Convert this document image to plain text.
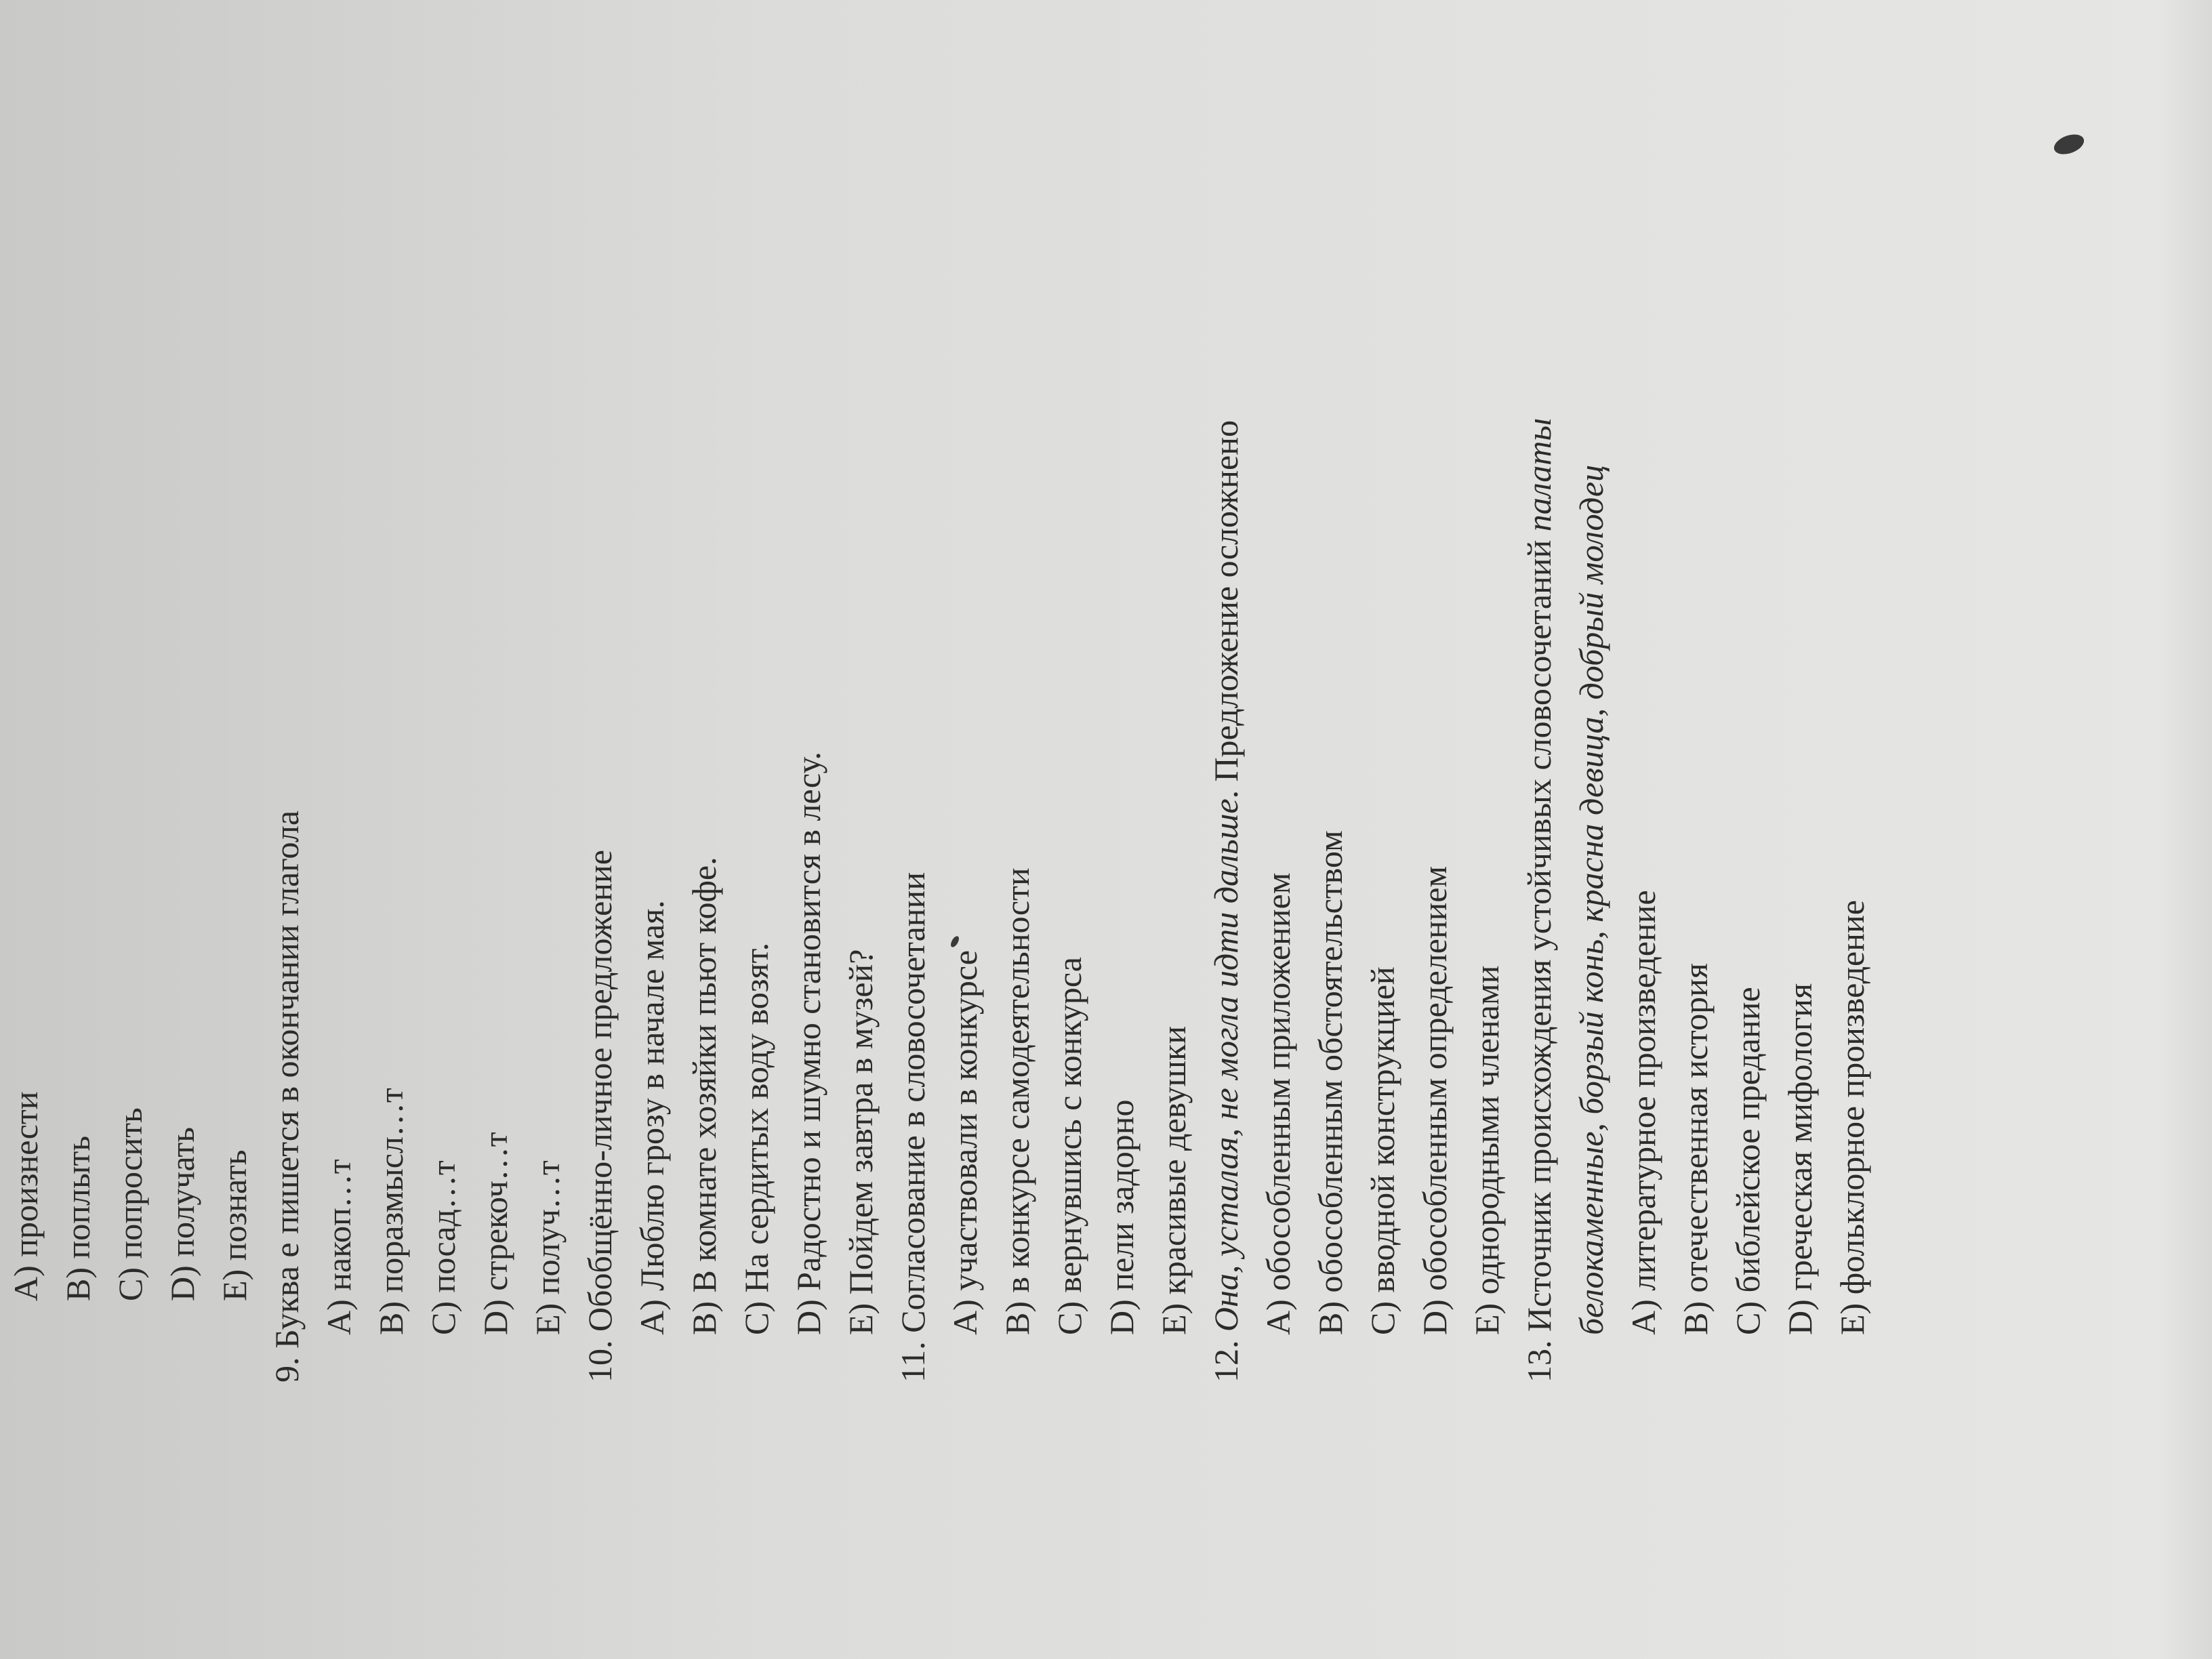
A) произнести B) поплыть C) попросить D) получать E) познать 9. Буква е пишется в окончании глагола A) накоп…т B) поразмысл…т C) посад…т D) стрекоч…т E) получ…т 10. Обобщённо-личное предложение A) Люблю грозу в начале мая. B) В комнате хозяйки пьют кофе. C) На сердитых воду возят. D) Радостно и шумно становится в лесу. E) Пойдем завтра в музей? 11. Согласование в словосочетании A) участвовали в конкурсе B) в конкурсе самодеятельности C) вернувшись с конкурса D) пели задорно E) красивые девушки
12. Она, усталая, не могла идти дальше. Предложение осложнено
A) обособленным приложением B) обособленным обстоятельством C) вводной конструкцией D) обособленным определением E) однородными членами
13. Источник происхождения устойчивых словосочетаний палаты белокаменные, борзый конь, красна девица, добрый молодец A) литературное произведение B) отечественная история C) библейское предание D) греческая мифология E) фольклорное произведение
